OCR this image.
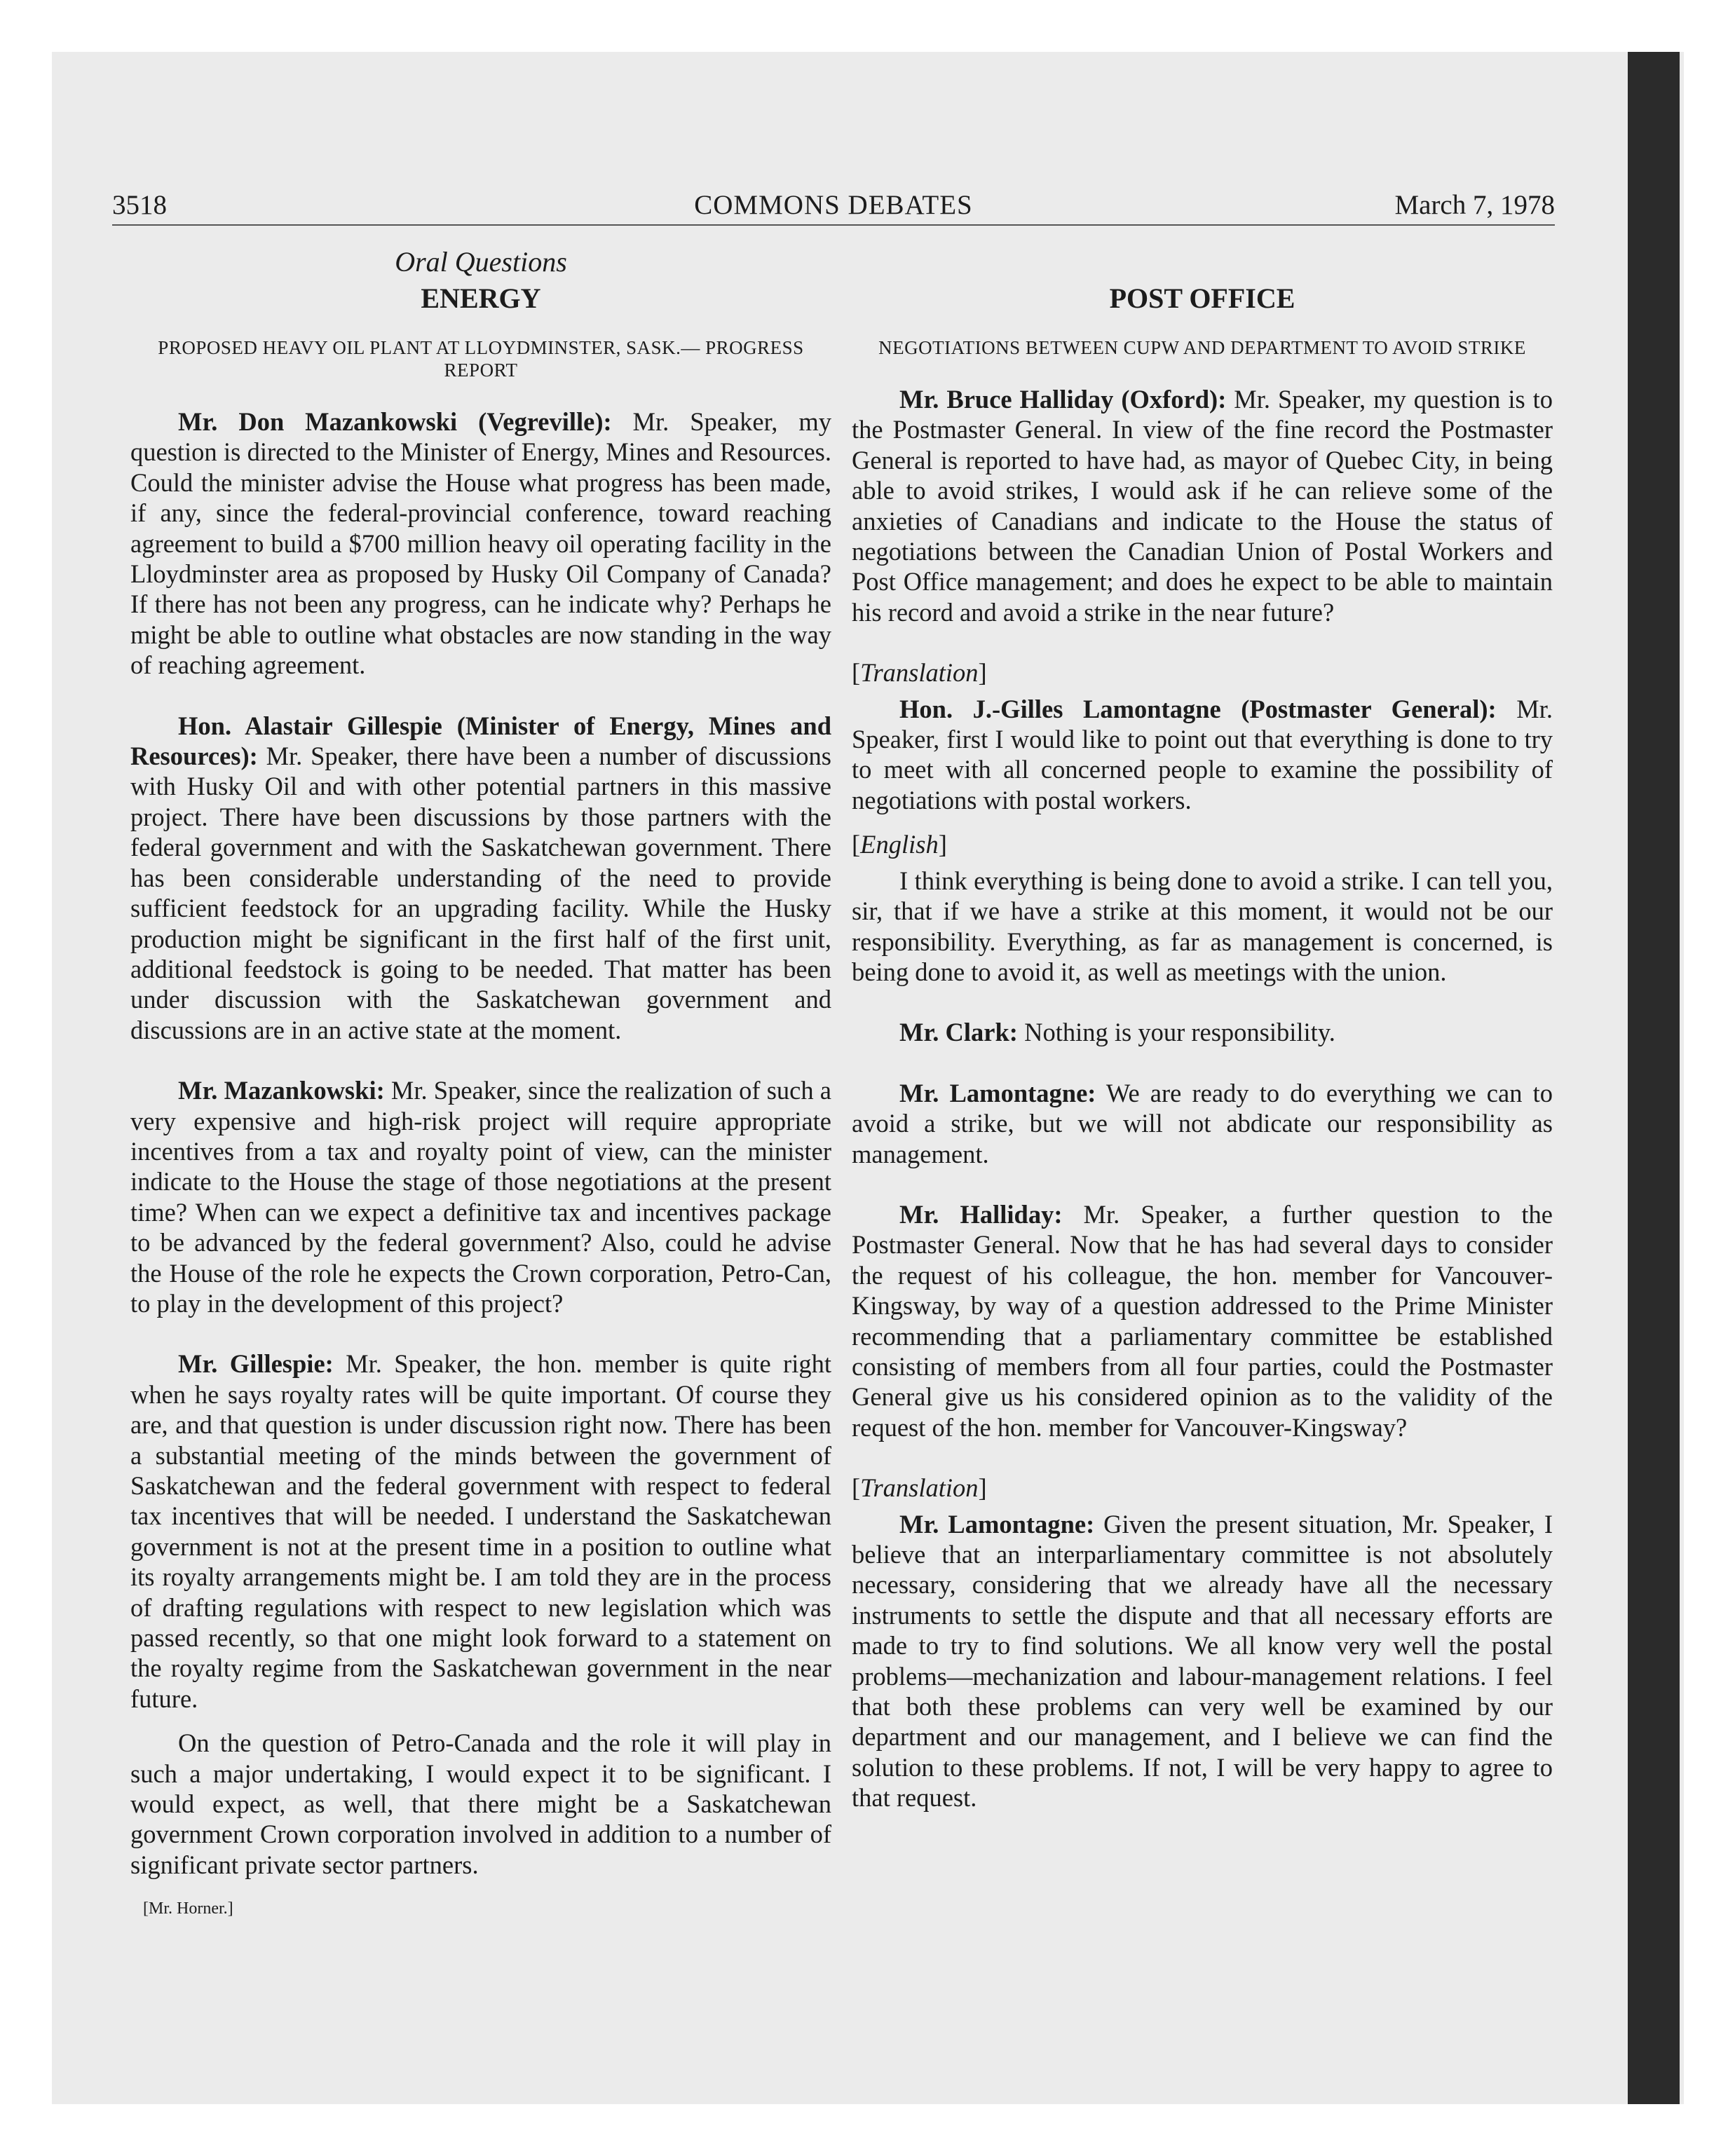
3518	COMMONS DEBATES	March 7, 1978
Oral Questions
ENERGY
PROPOSED HEAVY OIL PLANT AT LLOYDMINSTER, SASK.— PROGRESS REPORT

Mr. Don Mazankowski (Vegreville): Mr. Speaker, my question is directed to the Minister of Energy, Mines and Resources. Could the minister advise the House what progress has been made, if any, since the federal-provincial conference, toward reaching agreement to build a $700 million heavy oil operating facility in the Lloydminster area as proposed by Husky Oil Company of Canada? If there has not been any progress, can he indicate why? Perhaps he might be able to outline what obstacles are now standing in the way of reaching agreement.

Hon. Alastair Gillespie (Minister of Energy, Mines and Resources): Mr. Speaker, there have been a number of discussions with Husky Oil and with other potential partners in this massive project. There have been discussions by those partners with the federal government and with the Saskatchewan government. There has been considerable understanding of the need to provide sufficient feedstock for an upgrading facility. While the Husky production might be significant in the first half of the first unit, additional feedstock is going to be needed. That matter has been under discussion with the Saskatchewan government and discussions are in an active state at the moment.

Mr. Mazankowski: Mr. Speaker, since the realization of such a very expensive and high-risk project will require appropriate incentives from a tax and royalty point of view, can the minister indicate to the House the stage of those negotiations at the present time? When can we expect a definitive tax and incentives package to be advanced by the federal government? Also, could he advise the House of the role he expects the Crown corporation, Petro-Can, to play in the development of this project?

Mr. Gillespie: Mr. Speaker, the hon. member is quite right when he says royalty rates will be quite important. Of course they are, and that question is under discussion right now. There has been a substantial meeting of the minds between the government of Saskatchewan and the federal government with respect to federal tax incentives that will be needed. I understand the Saskatchewan government is not at the present time in a position to outline what its royalty arrangements might be. I am told they are in the process of drafting regulations with respect to new legislation which was passed recently, so that one might look forward to a statement on the royalty regime from the Saskatchewan government in the near future.

On the question of Petro-Canada and the role it will play in such a major undertaking, I would expect it to be significant. I would expect, as well, that there might be a Saskatchewan government Crown corporation involved in addition to a number of significant private sector partners.

[Mr. Horner.]
POST OFFICE
NEGOTIATIONS BETWEEN CUPW AND DEPARTMENT TO AVOID STRIKE

Mr. Bruce Halliday (Oxford): Mr. Speaker, my question is to the Postmaster General. In view of the fine record the Postmaster General is reported to have had, as mayor of Quebec City, in being able to avoid strikes, I would ask if he can relieve some of the anxieties of Canadians and indicate to the House the status of negotiations between the Canadian Union of Postal Workers and Post Office management; and does he expect to be able to maintain his record and avoid a strike in the near future?

[Translation]

Hon. J.-Gilles Lamontagne (Postmaster General): Mr. Speaker, first I would like to point out that everything is done to try to meet with all concerned people to examine the possibility of negotiations with postal workers.

[English]

I think everything is being done to avoid a strike. I can tell you, sir, that if we have a strike at this moment, it would not be our responsibility. Everything, as far as management is concerned, is being done to avoid it, as well as meetings with the union.

Mr. Clark: Nothing is your responsibility.

Mr. Lamontagne: We are ready to do everything we can to avoid a strike, but we will not abdicate our responsibility as management.

Mr. Halliday: Mr. Speaker, a further question to the Postmaster General. Now that he has had several days to consider the request of his colleague, the hon. member for Vancouver-Kingsway, by way of a question addressed to the Prime Minister recommending that a parliamentary committee be established consisting of members from all four parties, could the Postmaster General give us his considered opinion as to the validity of the request of the hon. member for Vancouver-Kingsway?

[Translation]

Mr. Lamontagne: Given the present situation, Mr. Speaker, I believe that an interparliamentary committee is not absolutely necessary, considering that we already have all the necessary instruments to settle the dispute and that all necessary efforts are made to try to find solutions. We all know very well the postal problems—mechanization and labour-management relations. I feel that both these problems can very well be examined by our department and our management, and I believe we can find the solution to these problems. If not, I will be very happy to agree to that request.
